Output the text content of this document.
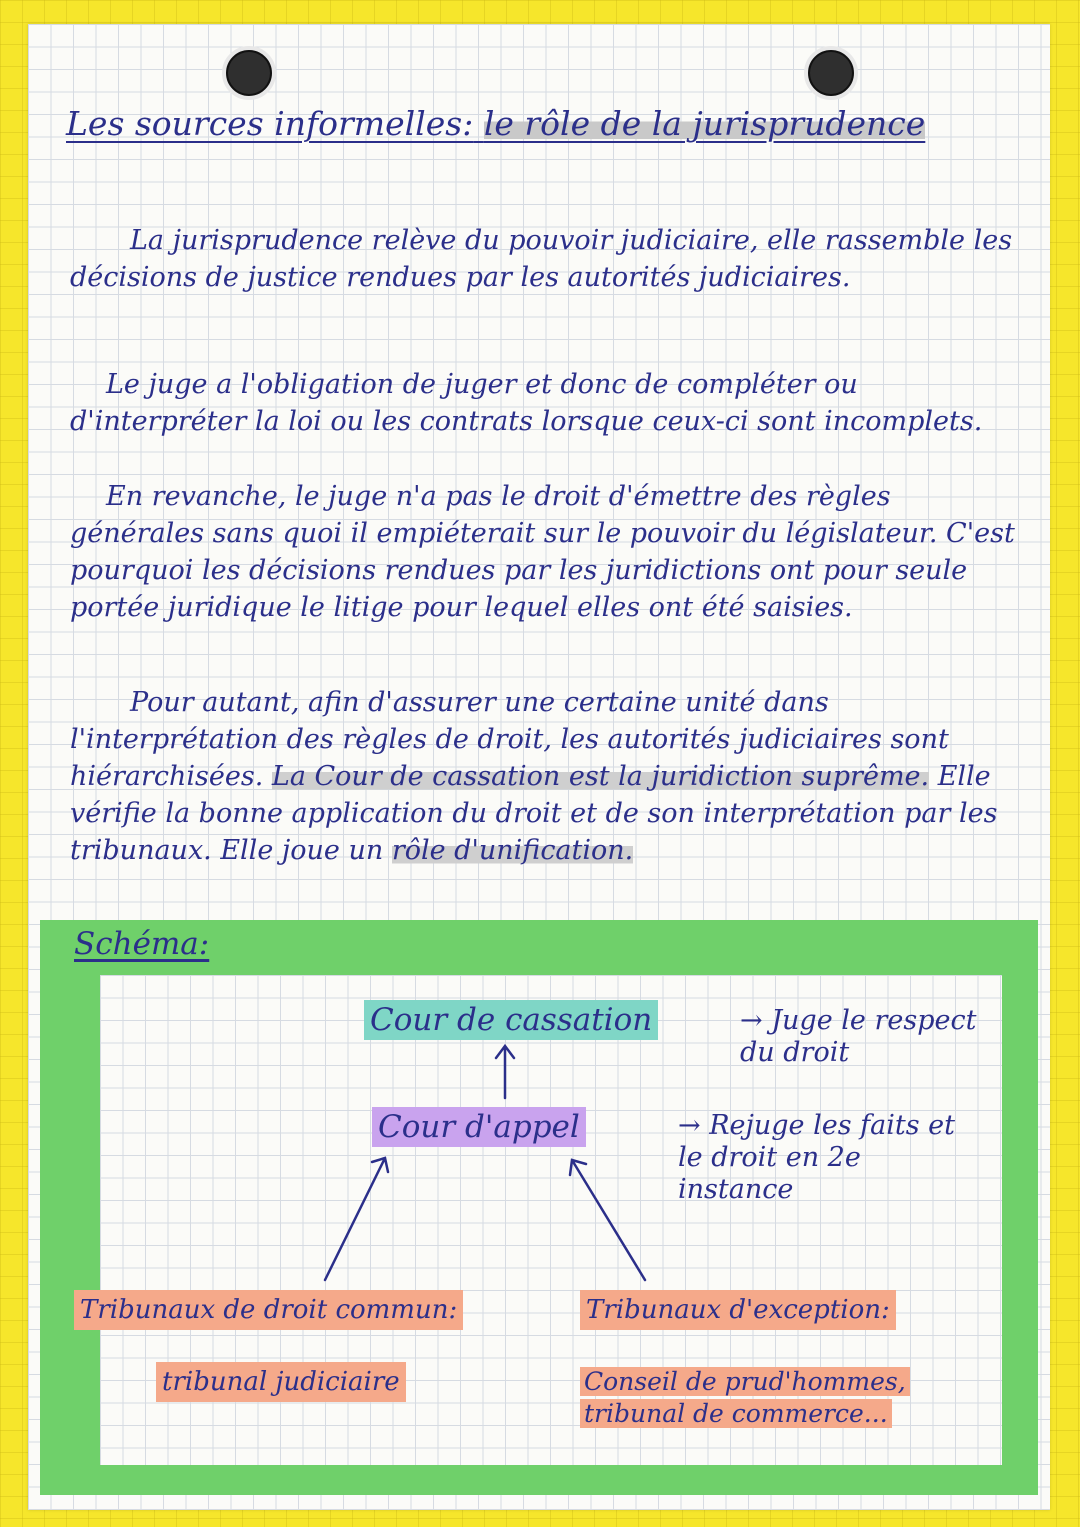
Les sources informelles: le rôle de la jurisprudence

La jurisprudence relève du pouvoir judiciaire, elle rassemble les décisions de justice rendues par les autorités judiciaires.

Le juge a l'obligation de juger et donc de compléter ou d'interpréter la loi ou les contrats lorsque ceux-ci sont incomplets.

En revanche, le juge n'a pas le droit d'émettre des règles générales sans quoi il empiéterait sur le pouvoir du législateur. C'est pourquoi les décisions rendues par les juridictions ont pour seule portée juridique le litige pour lequel elles ont été saisies.

Pour autant, afin d'assurer une certaine unité dans l'interprétation des règles de droit, les autorités judiciaires sont hiérarchisées. La Cour de cassation est la juridiction suprême. Elle vérifie la bonne application du droit et de son interprétation par les tribunaux. Elle joue un rôle d'unification.

Schéma:
Cour de cassation	→ Juge le respect du droit
Cour d'appel	→ Rejuge les faits et le droit en 2e instance
Tribunaux de droit commun:
tribunal judiciaire
Tribunaux d'exception:
Conseil de prud'hommes, tribunal de commerce...
